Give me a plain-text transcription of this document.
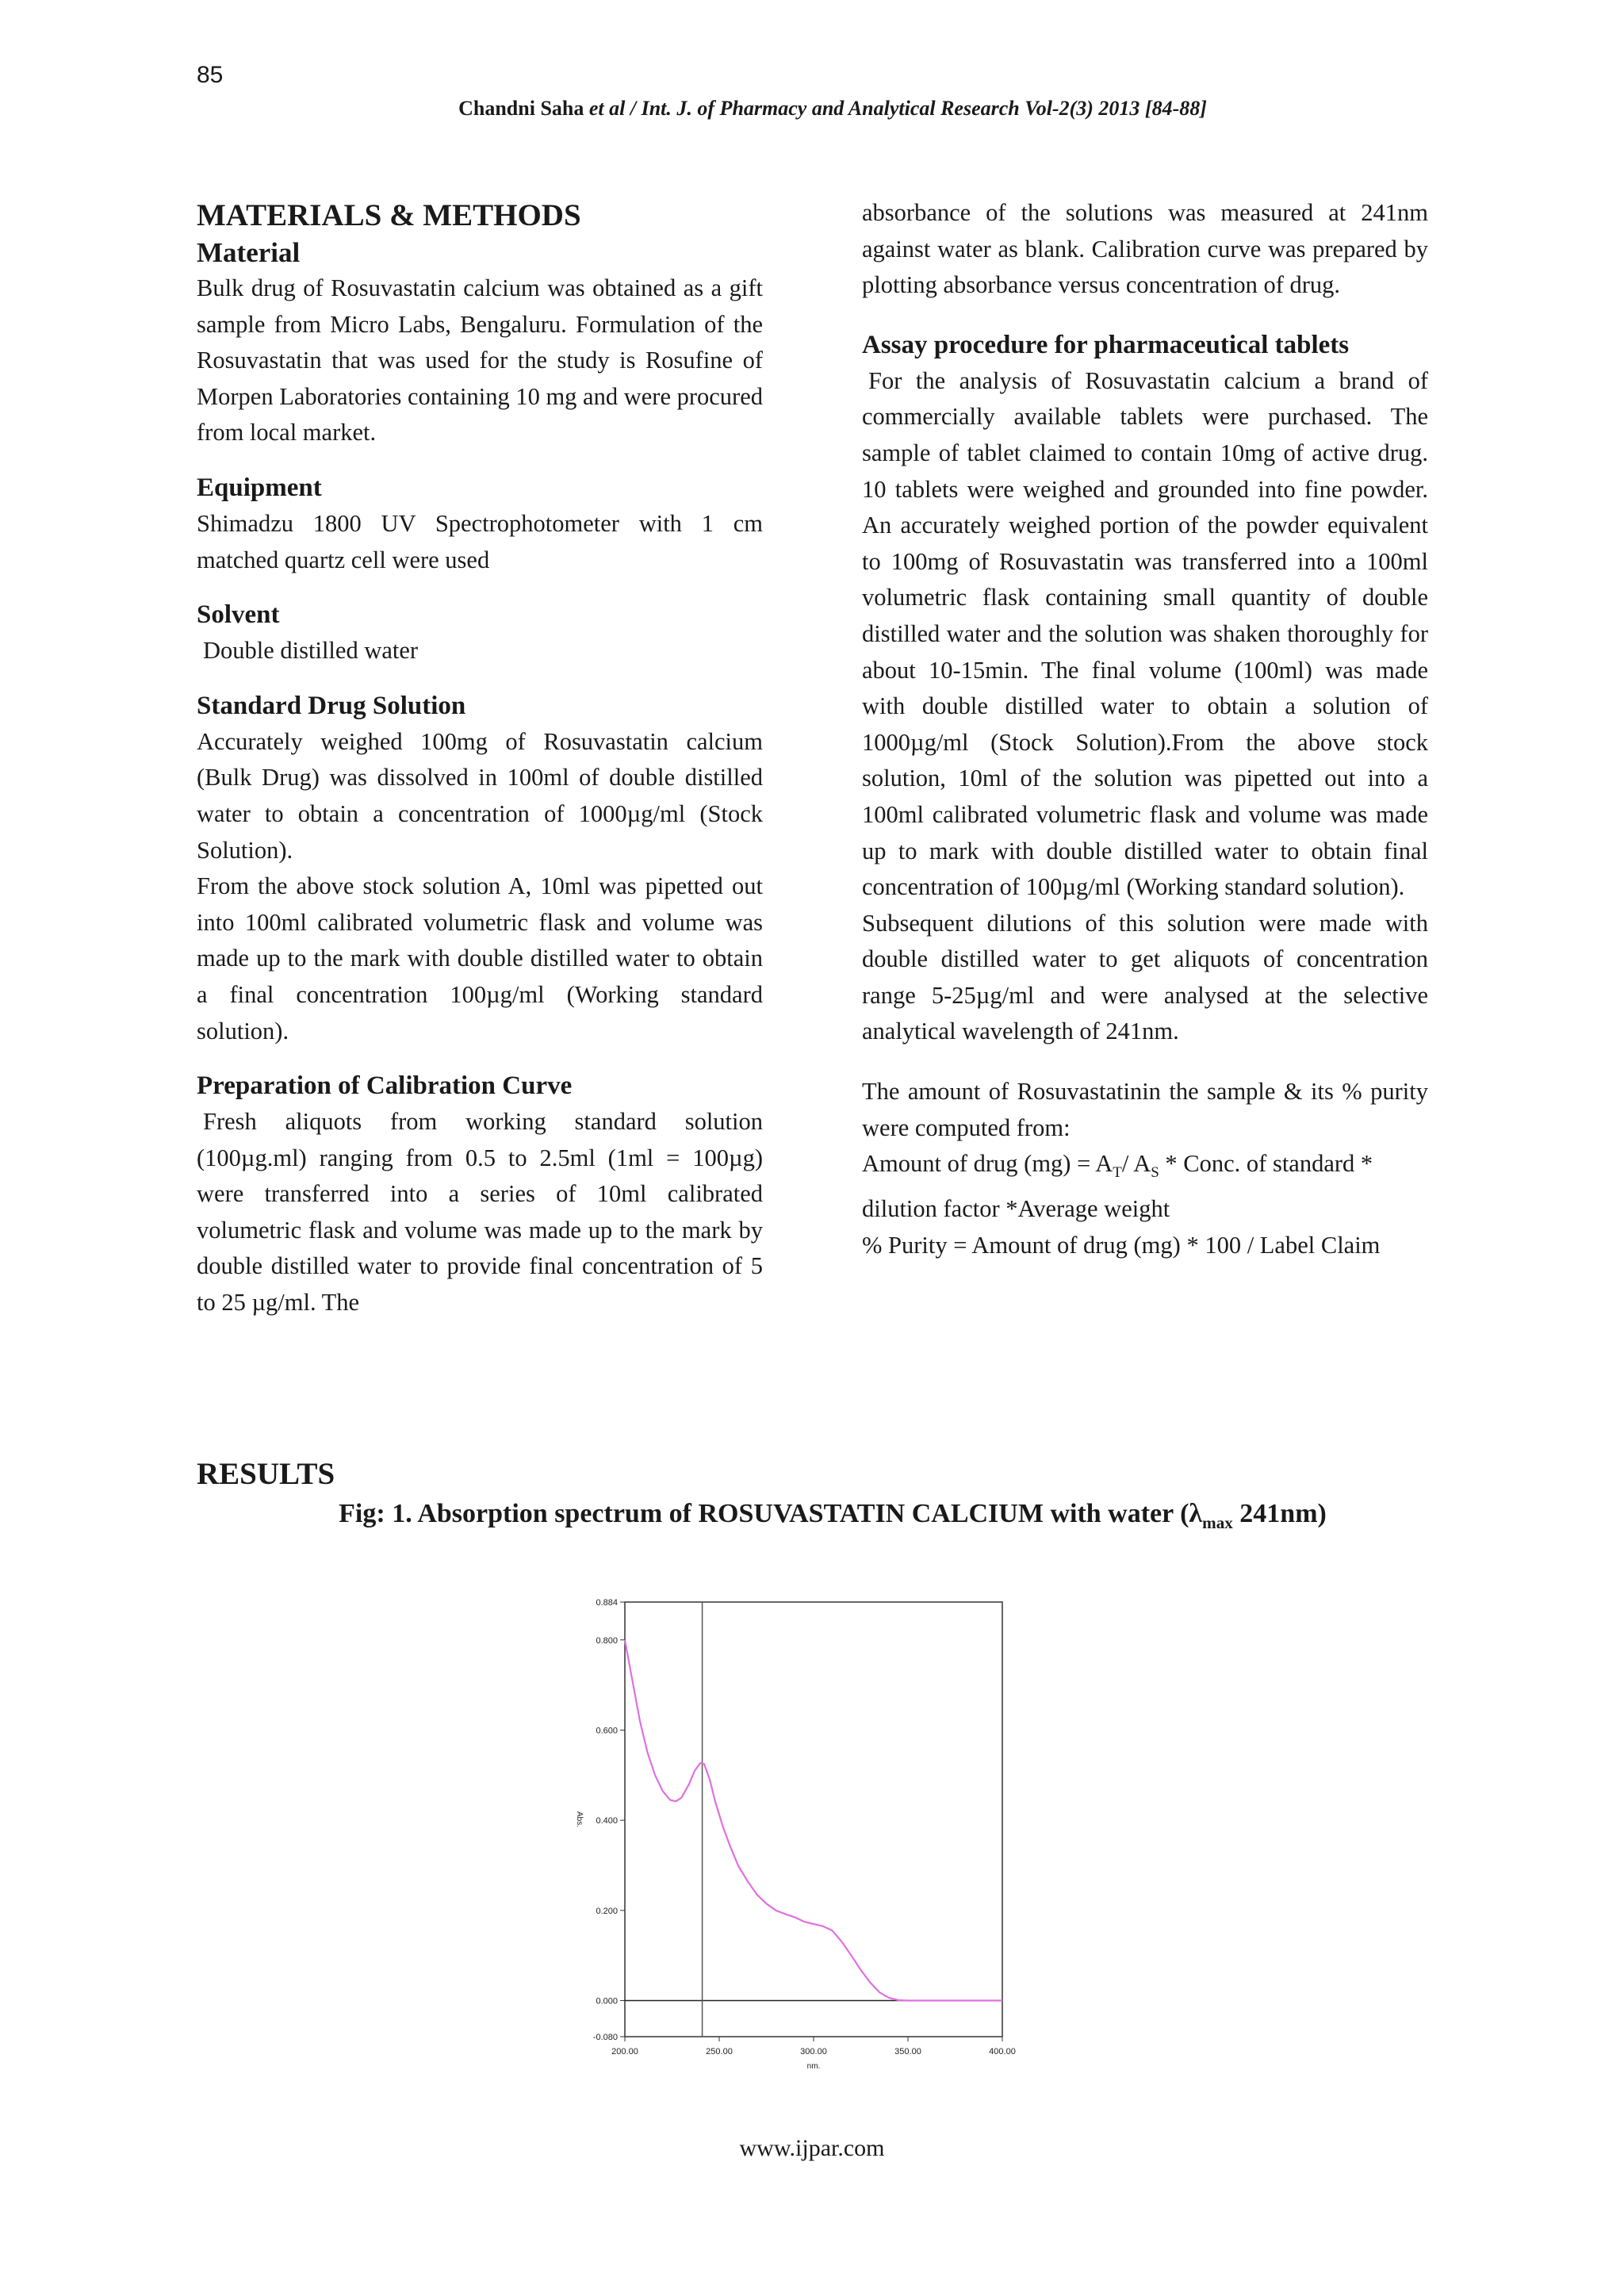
85
Chandni Saha et al / Int. J. of Pharmacy and Analytical Research Vol-2(3) 2013 [84-88]
MATERIALS & METHODS
Material

Bulk drug of Rosuvastatin calcium was obtained as a gift sample from Micro Labs, Bengaluru. Formulation of the Rosuvastatin that was used for the study is Rosufine of Morpen Laboratories containing 10 mg and were procured from local market.

Equipment

Shimadzu 1800 UV Spectrophotometer with 1 cm matched quartz cell were used

Solvent

Double distilled water

Standard Drug Solution

Accurately weighed 100mg of Rosuvastatin calcium (Bulk Drug) was dissolved in 100ml of double distilled water to obtain a concentration of 1000µg/ml (Stock Solution).

From the above stock solution A, 10ml was pipetted out into 100ml calibrated volumetric flask and volume was made up to the mark with double distilled water to obtain a final concentration 100µg/ml (Working standard solution).

Preparation of Calibration Curve

Fresh aliquots from working standard solution (100µg.ml) ranging from 0.5 to 2.5ml (1ml = 100µg) were transferred into a series of 10ml calibrated volumetric flask and volume was made up to the mark by double distilled water to provide final concentration of 5 to 25 µg/ml. The

absorbance of the solutions was measured at 241nm against water as blank. Calibration curve was prepared by plotting absorbance versus concentration of drug.

Assay procedure for pharmaceutical tablets

For the analysis of Rosuvastatin calcium a brand of commercially available tablets were purchased. The sample of tablet claimed to contain 10mg of active drug. 10 tablets were weighed and grounded into fine powder. An accurately weighed portion of the powder equivalent to 100mg of Rosuvastatin was transferred into a 100ml volumetric flask containing small quantity of double distilled water and the solution was shaken thoroughly for about 10-15min. The final volume (100ml) was made with double distilled water to obtain a solution of 1000µg/ml (Stock Solution).From the above stock solution, 10ml of the solution was pipetted out into a 100ml calibrated volumetric flask and volume was made up to mark with double distilled water to obtain final concentration of 100µg/ml (Working standard solution).

Subsequent dilutions of this solution were made with double distilled water to get aliquots of concentration range 5-25µg/ml and were analysed at the selective analytical wavelength of 241nm.

The amount of Rosuvastatinin the sample & its % purity were computed from:

Amount of drug $(mg) = A_T/$ $A_S$ * Conc. of standard * dilution factor *Average weight

% Purity = Amount of drug (mg) * 100 / Label Claim

RESULTS
Fig: 1. Absorption spectrum of ROSUVASTATIN CALCIUM with water ($\lambda_{max}$ 241nm)
-0.080
0.000
0.200
0.400
0.600
0.800
0.884
200.00	250.00	300.00	350.00	400.00
nm.
Abs.
www.ijpar.com
